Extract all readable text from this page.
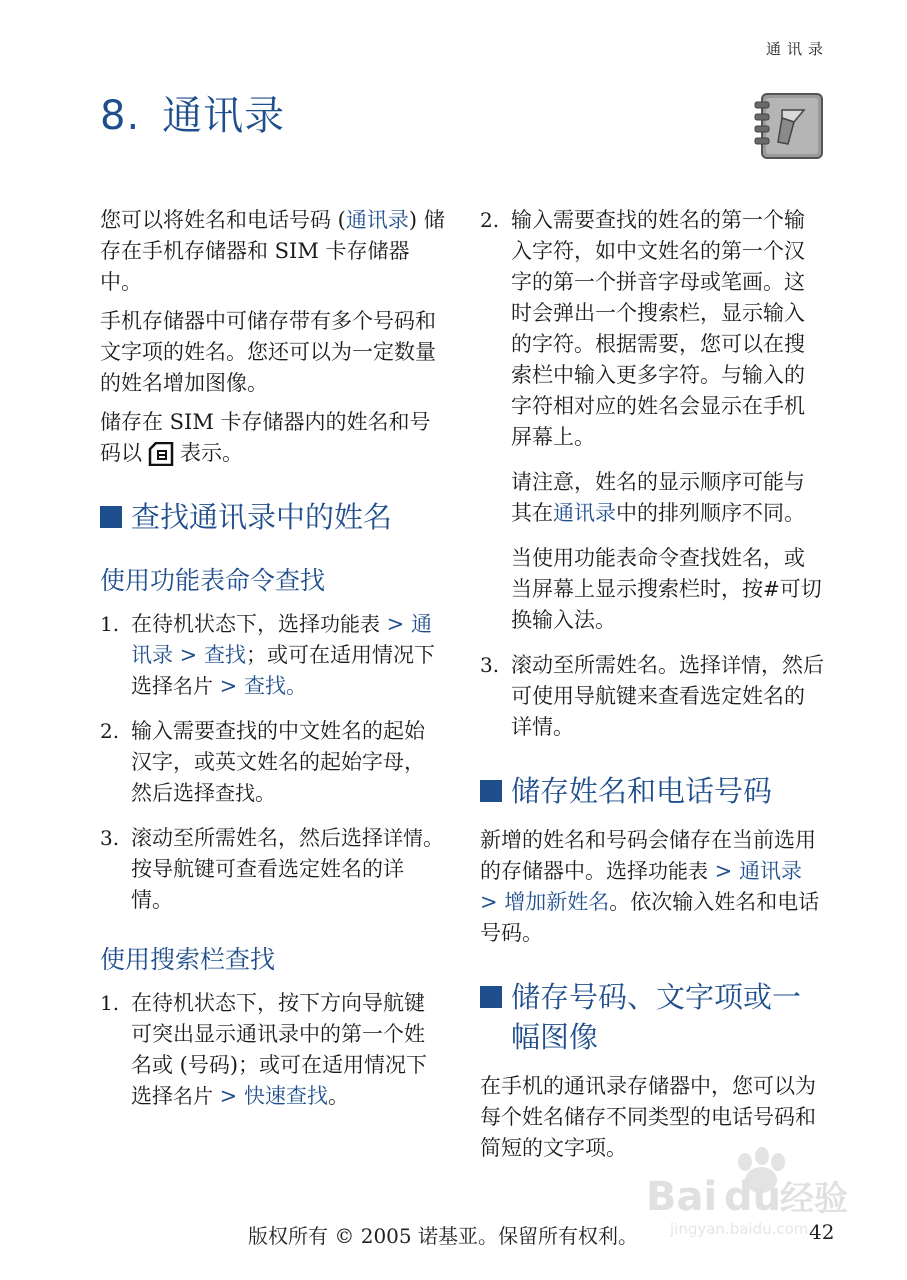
通讯录
8. 通讯录

您可以将姓名和电话号码 (通讯录) 储存在手机存储器和 SIM 卡存储器中。

手机存储器中可储存带有多个号码和文字项的姓名。您还可以为一定数量的姓名增加图像。

储存在 SIM 卡存储器内的姓名和号码以 表示。

查找通讯录中的姓名
使用功能表命令查找
1. 在待机状态下，选择功能表 > 通讯录 > 查找；或可在适用情况下选择名片 > 查找。
2. 输入需要查找的中文姓名的起始汉字，或英文姓名的起始字母，然后选择查找。
3. 滚动至所需姓名，然后选择详情。按导航键可查看选定姓名的详情。
使用搜索栏查找
1. 在待机状态下，按下方向导航键可突出显示通讯录中的第一个姓名或 (号码)；或可在适用情况下选择名片 > 快速查找。
2. 输入需要查找的姓名的第一个输入字符，如中文姓名的第一个汉字的第一个拼音字母或笔画。这时会弹出一个搜索栏，显示输入的字符。根据需要，您可以在搜索栏中输入更多字符。与输入的字符相对应的姓名会显示在手机屏幕上。

请注意，姓名的显示顺序可能与其在通讯录中的排列顺序不同。

当使用功能表命令查找姓名，或当屏幕上显示搜索栏时，按#可切换输入法。

3. 滚动至所需姓名。选择详情，然后可使用导航键来查看选定姓名的详情。
储存姓名和电话号码

新增的姓名和号码会储存在当前选用的存储器中。选择功能表 > 通讯录 > 增加新姓名。依次输入姓名和电话号码。

储存号码、文字项或一幅图像

在手机的通讯录存储器中，您可以为每个姓名储存不同类型的电话号码和简短的文字项。

Bai du
经验
jingyan.baidu.com
版权所有 © 2005 诺基亚。保留所有权利。	42
